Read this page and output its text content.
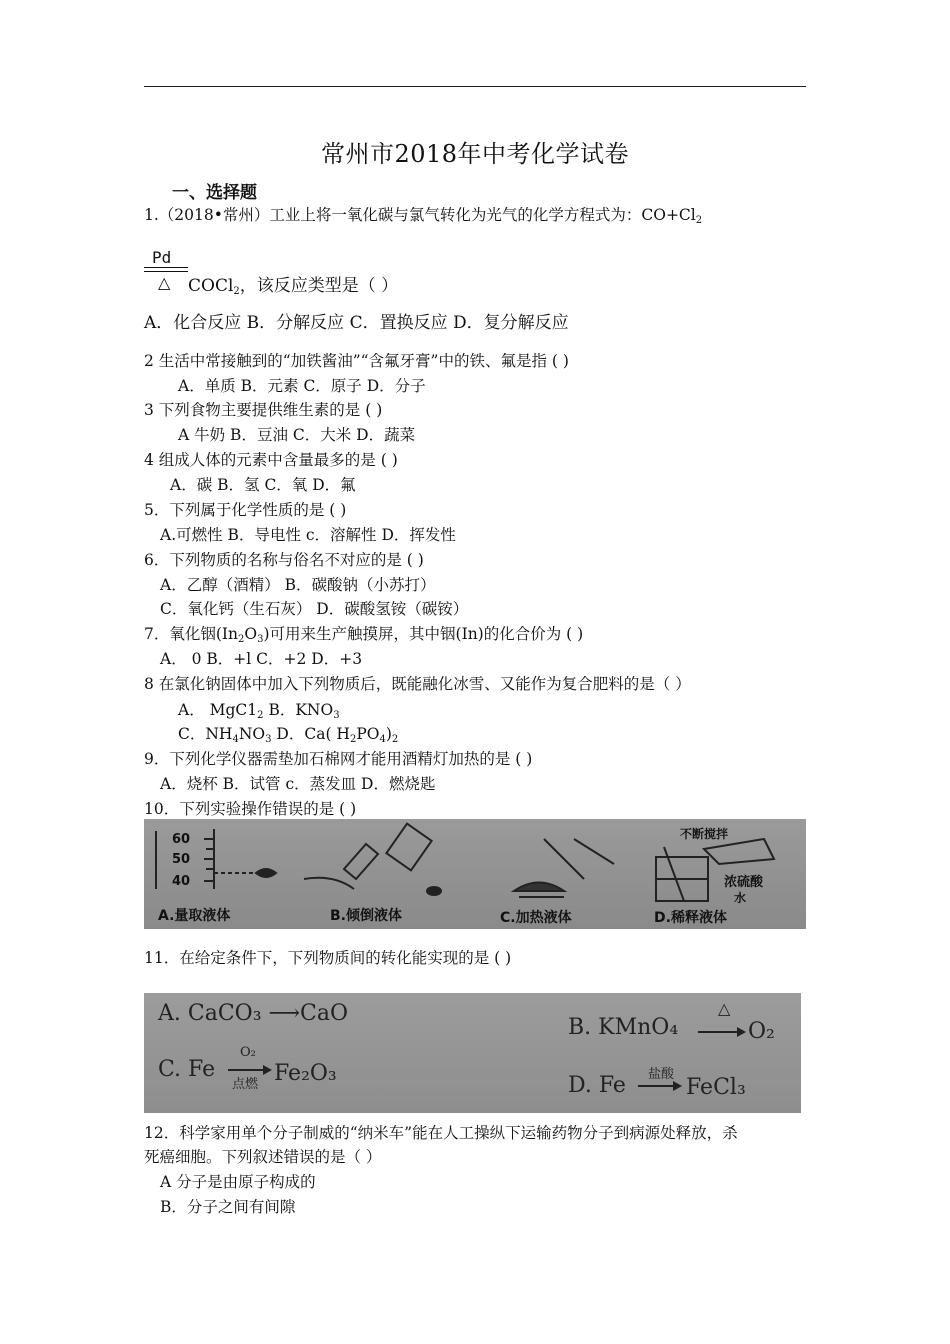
常州市2018年中考化学试卷
一、选择题
1.（2018•常州）工业上将一氧化碳与氯气转化为光气的化学方程式为：$CO+Cl_2$
Pd
△ COCl$_2$，该反应类型是（ ）
A．化合反应 B．分解反应 C．置换反应 D．复分解反应
2 生活中常接触到的“加铁酱油”“含氟牙膏”中的铁、氟是指 ( )
A．单质 B．元素 C．原子 D．分子
3 下列食物主要提供维生素的是 ( )
A 牛奶 B．豆油 C．大米 D．蔬菜
4 组成人体的元素中含量最多的是 ( )
A．碳 B．氢 C．氧 D．氟
5．下列属于化学性质的是 ( )
A.可燃性 B．导电性 c．溶解性 D．挥发性
6．下列物质的名称与俗名不对应的是 ( )
A．乙醇（酒精） B．碳酸钠（小苏打）
C．氧化钙（生石灰） D．碳酸氢铵（碳铵）
7．氧化铟$(In_2O_3)$可用来生产触摸屏，其中铟(In)的化合价为 ( )
A． 0 B．+l C．+2 D．+3
8 在氯化钠固体中加入下列物质后，既能融化冰雪、又能作为复合肥料的是（ ）
A． $MgC1_2$ B．$KNO_3$
C．$NH_4NO_3$ D．Ca( $H_2PO_4)_2$
9．下列化学仪器需垫加石棉网才能用酒精灯加热的是 ( )
A．烧杯 B．试管 c．蒸发皿 D．燃烧匙
10．下列实验操作错误的是 ( )
60
50
40
A.量取液体	B.倾倒液体	C.加热液体	D.稀释液体
不断搅拌
浓硫酸
水
11．在给定条件下，下列物质间的转化能实现的是 ( )
A. CaCO₃ ⟶CaO
B. KMnO₄
△
O₂
C. Fe
O₂
点燃 Fe₂O₃	D. Fe 盐酸
FeCl₃
12．科学家用单个分子制威的“纳米车”能在人工操纵下运输药物分子到病源处释放，杀
死癌细胞。下列叙述错误的是（ ）
A 分子是由原子构成的
B．分子之间有间隙
